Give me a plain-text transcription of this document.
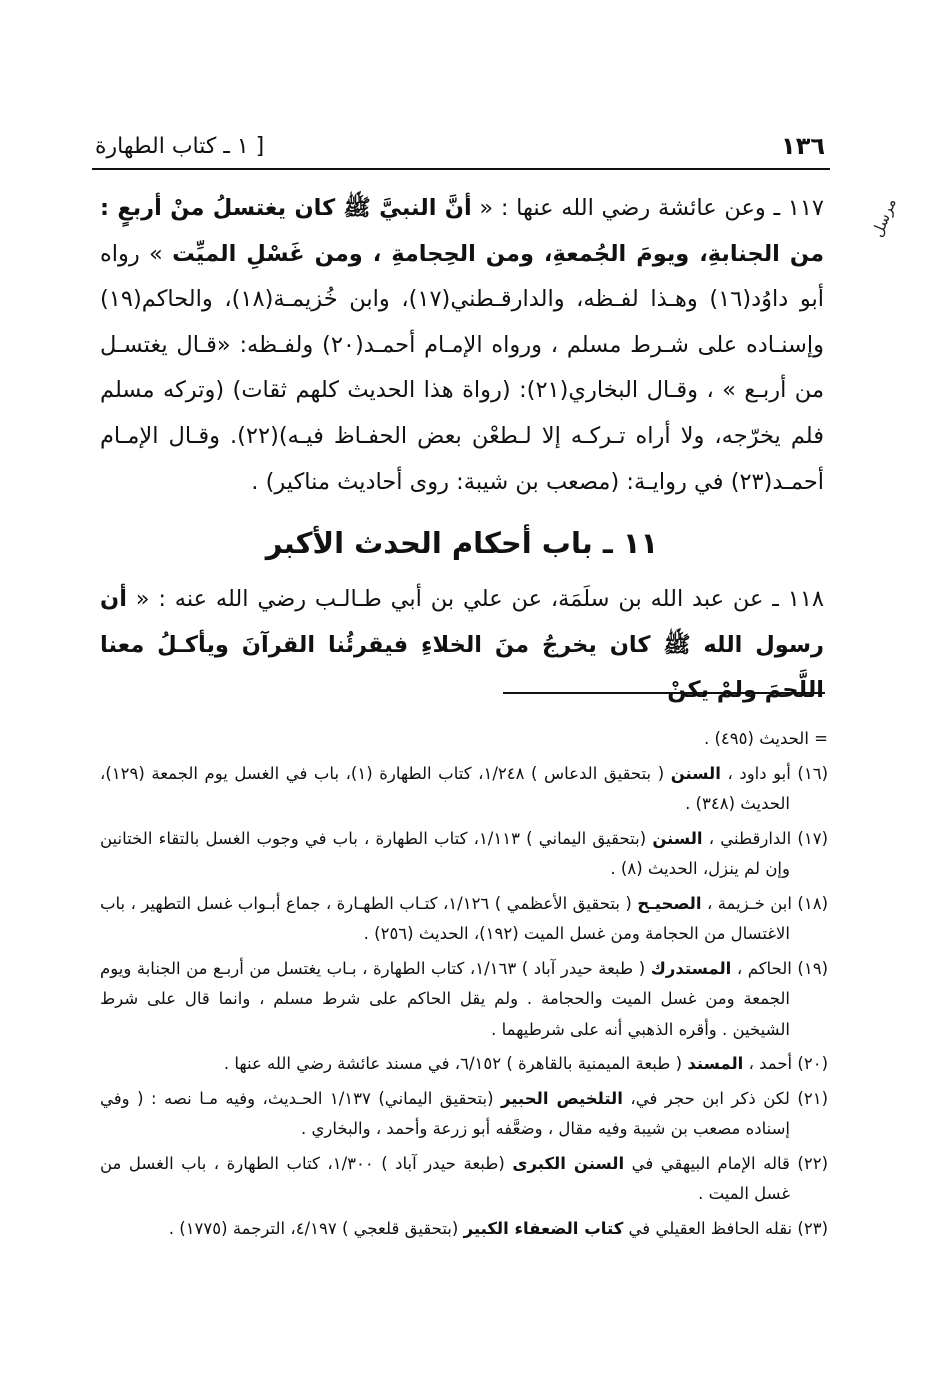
١٣٦
[ ١ ـ كتاب الطهارة
مرسل

١١٧ ـ وعن عائشة رضي الله عنها : « أنَّ النبيَّ ﷺ كان يغتسلُ منْ أربعٍ : من الجنابةِ، ويومَ الجُمعةِ، ومن الحِجامةِ ، ومن غَسْلِ الميِّت » رواه أبو داوُد(١٦) وهـذا لفـظه، والدارقـطني(١٧)، وابن خُزيمـة(١٨)، والحاكم(١٩) وإسنـاده على شـرط مسلم ، ورواه الإمـام أحمـد(٢٠) ولفـظه: «قـال يغتسـل من أربـع » ، وقـال البخاري(٢١): (رواة هذا الحديث كلهم ثقات) (وتركه مسلم فلم يخرّجه، ولا أراه تـركـه إلا لـطعْن بعض الحفـاظ فيـه)(٢٢). وقـال الإمـام أحمـد(٢٣) في روايـة: (مصعب بن شيبة: روى أحاديث مناكير) .

١١ ـ باب أحكام الحدث الأكبر

١١٨ ـ عن عبد الله بن سلَمَة، عن علي بن أبي طـالـب رضي الله عنه : « أن رسول الله ﷺ كان يخرجُ منَ الخلاءِ فيقرئُنا القرآنَ ويأكـلُ معنا اللَّحمَ ولمْ يكنْ

= الحديث (٤٩٥) .

(١٦) أبو داود ، السنن ( بتحقيق الدعاس ) ١/٢٤٨، كتاب الطهارة (١)، باب في الغسل يوم الجمعة (١٢٩)، الحديث (٣٤٨) .

(١٧) الدارقطني ، السنن (بتحقيق اليماني ) ١/١١٣، كتاب الطهارة ، باب في وجوب الغسل بالتقاء الختانين وإن لم ينزل، الحديث (٨) .

(١٨) ابن خـزيمة ، الصحيـح ( بتحقيق الأعظمي ) ١/١٢٦، كتـاب الطهـارة ، جماع أبـواب غسل التطهير ، باب الاغتسال من الحجامة ومن غسل الميت (١٩٢)، الحديث (٢٥٦) .

(١٩) الحاكم ، المستدرك ( طبعة حيدر آباد ) ١/١٦٣، كتاب الطهارة ، بـاب يغتسل من أربـع من الجنابة ويوم الجمعة ومن غسل الميت والحجامة . ولم يقل الحاكم على شرط مسلم ، وانما قال على شرط الشيخين . وأقره الذهبي أنه على شرطيهما .

(٢٠) أحمد ، المسند ( طبعة الميمنية بالقاهرة ) ٦/١٥٢، في مسند عائشة رضي الله عنها .

(٢١) لكن ذكر ابن حجر في، التلخيص الحبير (بتحقيق اليماني) ١/١٣٧ الحـديث، وفيه مـا نصه : ( وفي إسناده مصعب بن شيبة وفيه مقال ، وضعَّفه أبو زرعة وأحمد ، والبخاري .

(٢٢) قاله الإمام البيهقي في السنن الكبرى (طبعة حيدر آباد ) ١/٣٠٠، كتاب الطهارة ، باب الغسل من غسل الميت .

(٢٣) نقله الحافظ العقيلي في كتاب الضعفاء الكبير (بتحقيق قلعجي ) ٤/١٩٧، الترجمة (١٧٧٥) .
